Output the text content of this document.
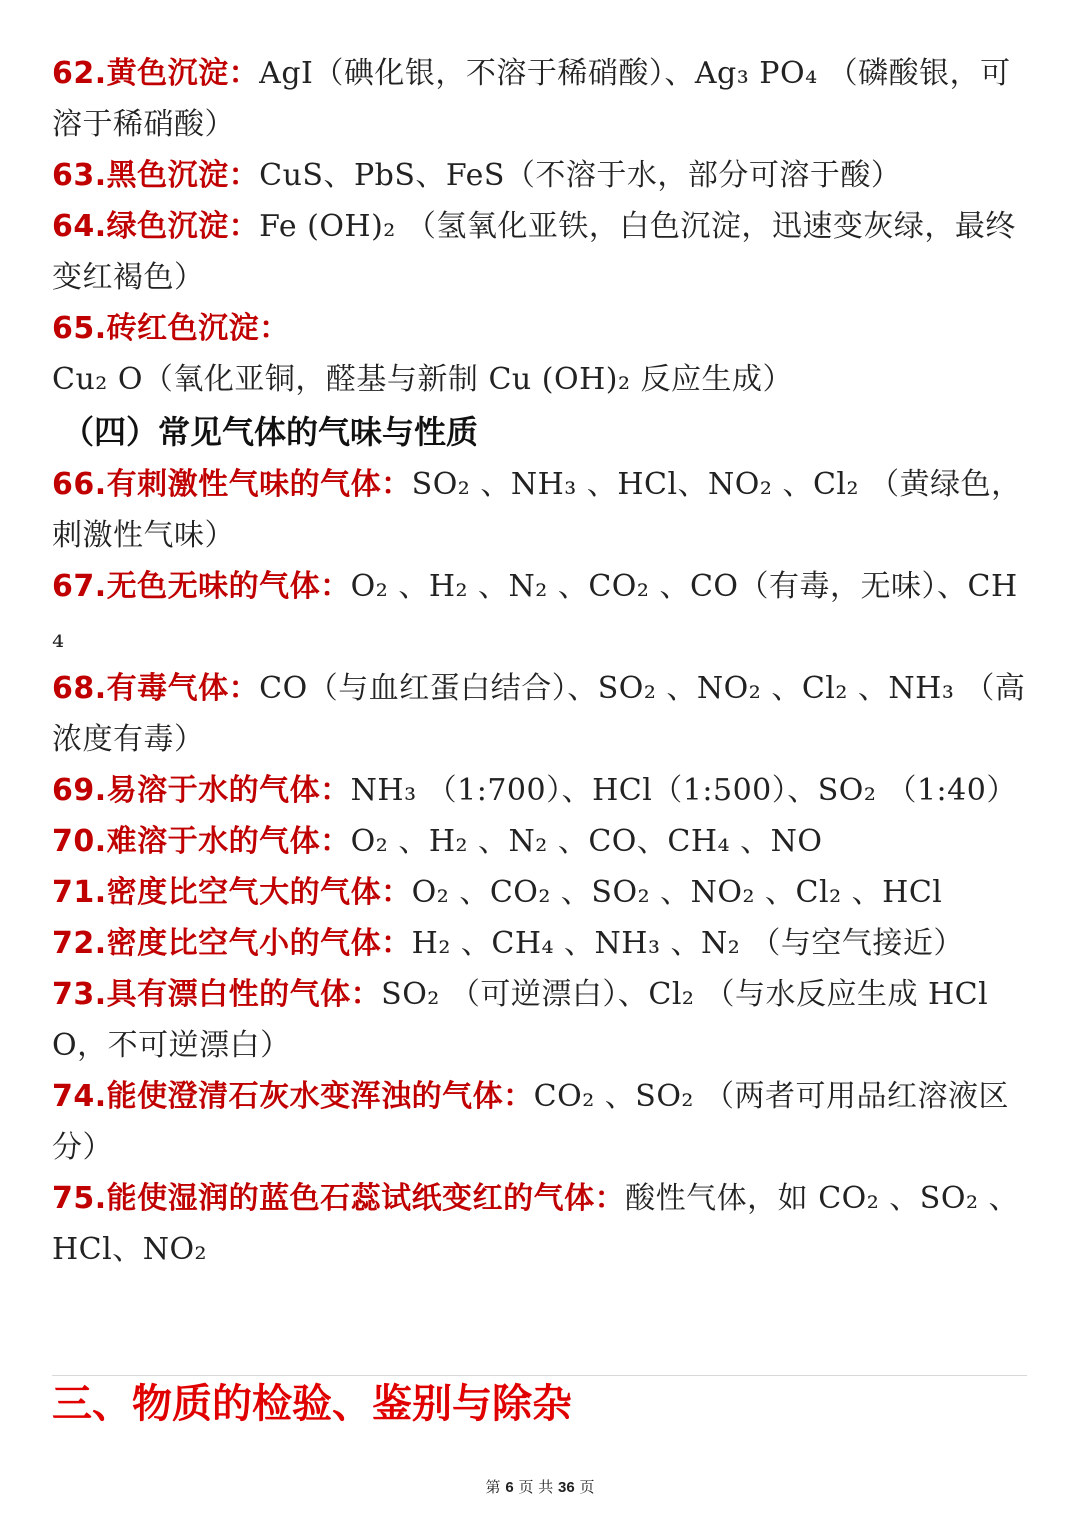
62.黄色沉淀：AgI（碘化银，不溶于稀硝酸）、Ag₃ PO₄ （磷酸银，可溶于稀硝酸）
63.黑色沉淀：CuS、PbS、FeS（不溶于水，部分可溶于酸）
64.绿色沉淀：Fe (OH)₂ （氢氧化亚铁，白色沉淀，迅速变灰绿，最终变红褐色）
65.砖红色沉淀：Cu₂ O（氧化亚铜，醛基与新制 Cu (OH)₂ 反应生成）
（四）常见气体的气味与性质
66.有刺激性气味的气体：SO₂ 、NH₃ 、HCl、NO₂ 、Cl₂ （黄绿色，刺激性气味）
67.无色无味的气体：O₂ 、H₂ 、N₂ 、CO₂ 、CO（有毒，无味）、CH₄
68.有毒气体：CO（与血红蛋白结合）、SO₂ 、NO₂ 、Cl₂ 、NH₃ （高浓度有毒）
69.易溶于水的气体：NH₃ （1:700）、HCl（1:500）、SO₂ （1:40）
70.难溶于水的气体：O₂ 、H₂ 、N₂ 、CO、CH₄ 、NO
71.密度比空气大的气体：O₂ 、CO₂ 、SO₂ 、NO₂ 、Cl₂ 、HCl
72.密度比空气小的气体：H₂ 、CH₄ 、NH₃ 、N₂ （与空气接近）
73.具有漂白性的气体：SO₂ （可逆漂白）、Cl₂ （与水反应生成 HClO，不可逆漂白）
74.能使澄清石灰水变浑浊的气体：CO₂ 、SO₂ （两者可用品红溶液区分）
75.能使湿润的蓝色石蕊试纸变红的气体：酸性气体，如 CO₂ 、SO₂ 、HCl、NO₂
三、物质的检验、鉴别与除杂
第 6 页 共 36 页
